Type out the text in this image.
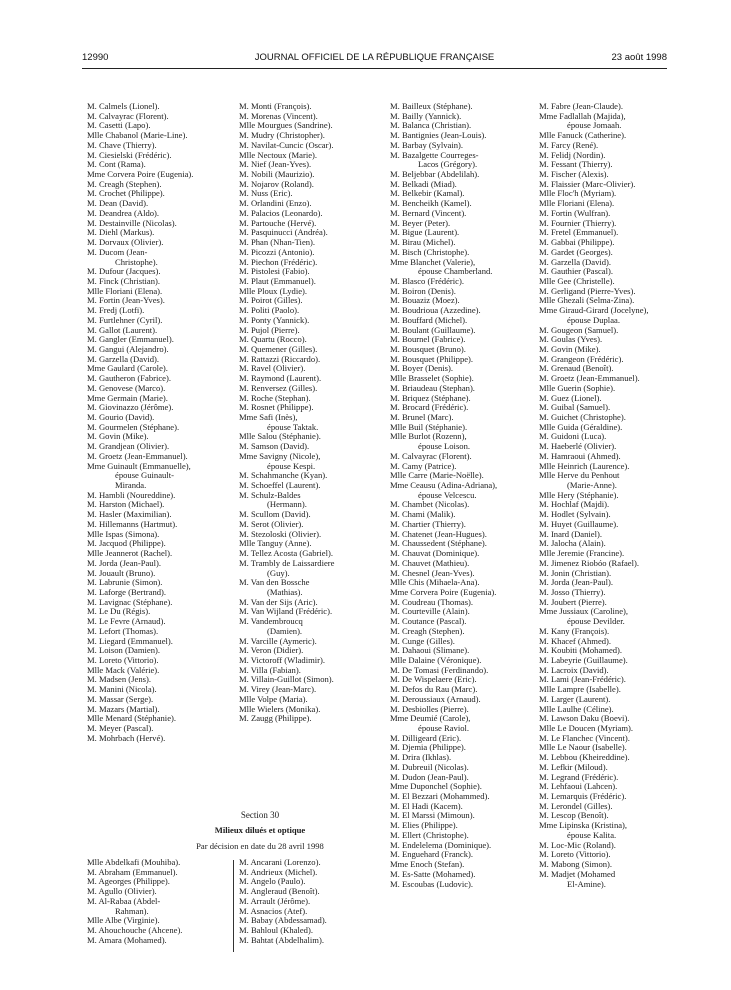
12990	JOURNAL OFFICIEL DE LA RÉPUBLIQUE FRANÇAISE	23 août 1998
M. Calmels (Lionel).
M. Calvayrac (Florent).
M. Casetti (Lapo).
Mlle Chabanol (Marie-Line).
M. Chave (Thierry).
M. Ciesielski (Frédéric).
M. Cont (Rama).
Mme Corvera Poire (Eugenia).
M. Creagh (Stephen).
M. Crochet (Philippe).
M. Dean (David).
M. Deandrea (Aldo).
M. Destainville (Nicolas).
M. Diehl (Markus).
M. Dorvaux (Olivier).
M. Ducom (Jean-
Christophe).
M. Dufour (Jacques).
M. Finck (Christian).
Mlle Floriani (Elena).
M. Fortin (Jean-Yves).
M. Fredj (Lotfi).
M. Furtlehner (Cyril).
M. Gallot (Laurent).
M. Gangler (Emmanuel).
M. Gangui (Alejandro).
M. Garzella (David).
Mme Gaulard (Carole).
M. Gautheron (Fabrice).
M. Genovese (Marco).
Mme Germain (Marie).
M. Giovinazzo (Jérôme).
M. Gourio (David).
M. Gourmelen (Stéphane).
M. Govin (Mike).
M. Grandjean (Olivier).
M. Groetz (Jean-Emmanuel).
Mme Guinault (Emmanuelle),
épouse Guinault-
Miranda.
M. Hambli (Noureddine).
M. Harston (Michael).
M. Hasler (Maximilian).
M. Hillemanns (Hartmut).
Mlle Ispas (Simona).
M. Jacquod (Philippe).
Mlle Jeannerot (Rachel).
M. Jorda (Jean-Paul).
M. Jouault (Bruno).
M. Labrunie (Simon).
M. Laforge (Bertrand).
M. Lavignac (Stéphane).
M. Le Du (Régis).
M. Le Fevre (Arnaud).
M. Lefort (Thomas).
M. Liegard (Emmanuel).
M. Loison (Damien).
M. Loreto (Vittorio).
Mlle Mack (Valérie).
M. Madsen (Jens).
M. Manini (Nicola).
M. Massar (Serge).
M. Mazars (Martial).
Mlle Menard (Stéphanie).
M. Meyer (Pascal).
M. Mohrbach (Hervé).
M. Monti (François).
M. Morenas (Vincent).
Mlle Mourgues (Sandrine).
M. Mudry (Christopher).
M. Navilat-Cuncic (Oscar).
Mlle Nectoux (Marie).
M. Nief (Jean-Yves).
M. Nobili (Maurizio).
M. Nojarov (Roland).
M. Nuss (Eric).
M. Orlandini (Enzo).
M. Palacios (Leonardo).
M. Partouche (Hervé).
M. Pasquinucci (Andréa).
M. Phan (Nhan-Tien).
M. Picozzi (Antonio).
M. Piechon (Frédéric).
M. Pistolesi (Fabio).
M. Plaut (Emmanuel).
Mlle Ploux (Lydie).
M. Poirot (Gilles).
M. Politi (Paolo).
M. Ponty (Yannick).
M. Pujol (Pierre).
M. Quartu (Rocco).
M. Quemener (Gilles).
M. Rattazzi (Riccardo).
M. Ravel (Olivier).
M. Raymond (Laurent).
M. Renversez (Gilles).
M. Roche (Stephan).
M. Rosnet (Philippe).
Mme Safi (Inès),
épouse Taktak.
Mlle Salou (Stéphanie).
M. Samson (David).
Mme Savigny (Nicole),
épouse Kespi.
M. Schahmanche (Kyan).
M. Schoeffel (Laurent).
M. Schulz-Baldes
(Hermann).
M. Scullom (David).
M. Serot (Olivier).
M. Stezoloski (Olivier).
Mlle Tanguy (Anne).
M. Tellez Acosta (Gabriel).
M. Trambly de Laissardiere
(Guy).
M. Van den Bossche
(Mathias).
M. Van der Sijs (Aric).
M. Van Wijland (Frédéric).
M. Vandembroucq
(Damien).
M. Varcille (Aymeric).
M. Veron (Didier).
M. Victoroff (Wladimir).
M. Villa (Fabian).
M. Villain-Guillot (Simon).
M. Virey (Jean-Marc).
Mlle Volpe (Maria).
Mlle Wielers (Monika).
M. Zaugg (Philippe).
M. Bailleux (Stéphane).
M. Bailly (Yannick).
M. Balanca (Christian).
M. Bantignies (Jean-Louis).
M. Barbay (Sylvain).
M. Bazalgette Courreges-
Lacos (Grégory).
M. Beljebbar (Abdelilah).
M. Belkadi (Miad).
M. Belkebir (Kamal).
M. Bencheikh (Kamel).
M. Bernard (Vincent).
M. Beyer (Peter).
M. Bigue (Laurent).
M. Birau (Michel).
M. Bisch (Christophe).
Mme Blanchet (Valerie),
épouse Chamberland.
M. Blasco (Frédéric).
M. Boiron (Denis).
M. Bouaziz (Moez).
M. Boudrioua (Azzedine).
M. Bouffard (Michel).
M. Boulant (Guillaume).
M. Bournel (Fabrice).
M. Bousquet (Bruno).
M. Bousquet (Philippe).
M. Boyer (Denis).
Mlle Brasselet (Sophie).
M. Briaudeau (Stephan).
M. Briquez (Stéphane).
M. Brocard (Frédéric).
M. Brunel (Marc).
Mlle Buil (Stéphanie).
Mlle Burlot (Rozenn),
épouse Loison.
M. Calvayrac (Florent).
M. Camy (Patrice).
Mlle Carre (Marie-Noëlle).
Mme Ceausu (Adina-Adriana),
épouse Velcescu.
M. Chambet (Nicolas).
M. Chami (Malik).
M. Chartier (Thierry).
M. Chatenet (Jean-Hugues).
M. Chaussedent (Stéphane).
M. Chauvat (Dominique).
M. Chauvet (Mathieu).
M. Chesnel (Jean-Yves).
Mlle Chis (Mihaela-Ana).
Mme Corvera Poire (Eugenia).
M. Coudreau (Thomas).
M. Courteville (Alain).
M. Coutance (Pascal).
M. Creagh (Stephen).
M. Cunge (Gilles).
M. Dahaoui (Slimane).
Mlle Dalaine (Véronique).
M. De Tomasi (Ferdinando).
M. De Wispelaere (Eric).
M. Defos du Rau (Marc).
M. Deroussiaux (Arnaud).
M. Desbiolles (Pierre).
Mme Deumié (Carole),
épouse Raviol.
M. Dilligeard (Eric).
M. Djemia (Philippe).
M. Drira (Ikhlas).
M. Dubreuil (Nicolas).
M. Dudon (Jean-Paul).
Mme Duponchel (Sophie).
M. El Bezzari (Mohammed).
M. El Hadi (Kacem).
M. El Marssi (Mimoun).
M. Elies (Philippe).
M. Ellert (Christophe).
M. Endelelema (Dominique).
M. Enguehard (Franck).
Mme Enoch (Stefan).
M. Es-Satte (Mohamed).
M. Escoubas (Ludovic).
M. Fabre (Jean-Claude).
Mme Fadlallah (Majida),
épouse Jomaah.
Mlle Fanuck (Catherine).
M. Farcy (René).
M. Felidj (Nordin).
M. Fessant (Thierry).
M. Fischer (Alexis).
M. Flaissier (Marc-Olivier).
Mlle Floc'h (Myriam).
Mlle Floriani (Elena).
M. Fortin (Wulfran).
M. Fournier (Thierry).
M. Fretel (Emmanuel).
M. Gabbai (Philippe).
M. Gardet (Georges).
M. Garzella (David).
M. Gauthier (Pascal).
Mlle Gee (Christelle).
M. Gerligand (Pierre-Yves).
Mlle Ghezali (Selma-Zina).
Mme Giraud-Girard (Jocelyne),
épouse Duplaa.
M. Gougeon (Samuel).
M. Goulas (Yves).
M. Govin (Mike).
M. Grangeon (Frédéric).
M. Grenaud (Benoît).
M. Groetz (Jean-Emmanuel).
Mlle Guerin (Sophie).
M. Guez (Lionel).
M. Guibal (Samuel).
M. Guichet (Christophe).
Mlle Guida (Géraldine).
M. Guidoni (Luca).
M. Haeberlé (Olivier).
M. Hamraoui (Ahmed).
Mlle Heinrich (Laurence).
Mlle Herve du Penhout
(Marie-Anne).
Mlle Hery (Stéphanie).
M. Hochlaf (Majdi).
M. Hodlet (Sylvain).
M. Huyet (Guillaume).
M. Inard (Daniel).
M. Jalocha (Alain).
Mlle Jeremie (Francine).
M. Jimenez Riobóo (Rafael).
M. Jonin (Christian).
M. Jorda (Jean-Paul).
M. Josso (Thierry).
M. Joubert (Pierre).
Mme Jussiaux (Caroline),
épouse Devilder.
M. Kany (François).
M. Khacef (Ahmed).
M. Koubiti (Mohamed).
M. Labeyrie (Guillaume).
M. Lacroix (David).
M. Lami (Jean-Frédéric).
Mlle Lampre (Isabelle).
M. Larger (Laurent).
Mlle Laulhe (Céline).
M. Lawson Daku (Boevi).
Mlle Le Doucen (Myriam).
M. Le Flanchec (Vincent).
Mlle Le Naour (Isabelle).
M. Lebbou (Kheireddine).
M. Lefkir (Miloud).
M. Legrand (Frédéric).
M. Lehfaoui (Lahcen).
M. Lemarquis (Frédéric).
M. Lerondel (Gilles).
M. Lescop (Benoît).
Mme Lipinska (Kristina),
épouse Kalita.
M. Loc-Mic (Roland).
M. Loreto (Vittorio).
M. Mabong (Simon).
M. Madjet (Mohamed
El-Amine).
Section 30
Milieux dilués et optique
Par décision en date du 28 avril 1998
Mlle Abdelkafi (Mouhiba).
M. Abraham (Emmanuel).
M. Ageorges (Philippe).
M. Agullo (Olivier).
M. Al-Rabaa (Abdel-
Rahman).
Mlle Albe (Virginie).
M. Ahouchouche (Ahcene).
M. Amara (Mohamed).
M. Ancarani (Lorenzo).
M. Andrieux (Michel).
M. Angelo (Paulo).
M. Angleraud (Benoît).
M. Arrault (Jérôme).
M. Asnacios (Atef).
M. Babay (Abdessamad).
M. Bahloul (Khaled).
M. Bahtat (Abdelhalim).
